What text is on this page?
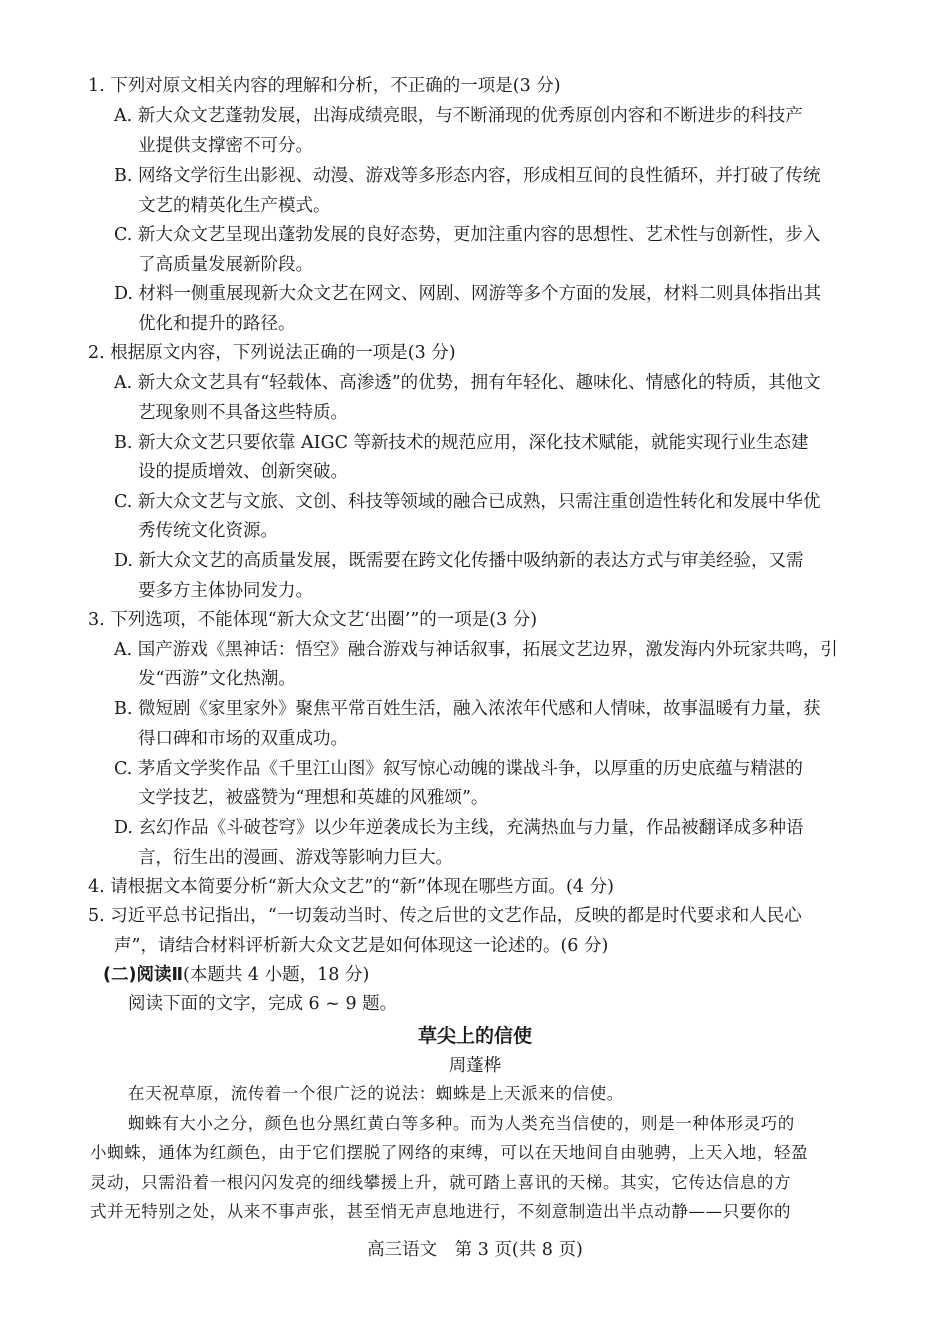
1. 下列对原文相关内容的理解和分析，不正确的一项是(3 分)
A. 新大众文艺蓬勃发展，出海成绩亮眼，与不断涌现的优秀原创内容和不断进步的科技产
业提供支撑密不可分。
B. 网络文学衍生出影视、动漫、游戏等多形态内容，形成相互间的良性循环，并打破了传统
文艺的精英化生产模式。
C. 新大众文艺呈现出蓬勃发展的良好态势，更加注重内容的思想性、艺术性与创新性，步入
了高质量发展新阶段。
D. 材料一侧重展现新大众文艺在网文、网剧、网游等多个方面的发展，材料二则具体指出其
优化和提升的路径。
2. 根据原文内容，下列说法正确的一项是(3 分)
A. 新大众文艺具有“轻载体、高渗透”的优势，拥有年轻化、趣味化、情感化的特质，其他文
艺现象则不具备这些特质。
B. 新大众文艺只要依靠 AIGC 等新技术的规范应用，深化技术赋能，就能实现行业生态建
设的提质增效、创新突破。
C. 新大众文艺与文旅、文创、科技等领域的融合已成熟，只需注重创造性转化和发展中华优
秀传统文化资源。
D. 新大众文艺的高质量发展，既需要在跨文化传播中吸纳新的表达方式与审美经验，又需
要多方主体协同发力。
3. 下列选项，不能体现“新大众文艺‘出圈’”的一项是(3 分)
A. 国产游戏《黑神话：悟空》融合游戏与神话叙事，拓展文艺边界，激发海内外玩家共鸣，引
发“西游”文化热潮。
B. 微短剧《家里家外》聚焦平常百姓生活，融入浓浓年代感和人情味，故事温暖有力量，获
得口碑和市场的双重成功。
C. 茅盾文学奖作品《千里江山图》叙写惊心动魄的谍战斗争，以厚重的历史底蕴与精湛的
文学技艺，被盛赞为“理想和英雄的风雅颂”。
D. 玄幻作品《斗破苍穹》以少年逆袭成长为主线，充满热血与力量，作品被翻译成多种语
言，衍生出的漫画、游戏等影响力巨大。
4. 请根据文本简要分析“新大众文艺”的“新”体现在哪些方面。(4 分)
5. 习近平总书记指出，“一切轰动当时、传之后世的文艺作品，反映的都是时代要求和人民心
声”，请结合材料评析新大众文艺是如何体现这一论述的。(6 分)
(二)阅读Ⅱ(本题共 4 小题，18 分)
阅读下面的文字，完成 6 ~ 9 题。
草尖上的信使
周蓬桦
在天祝草原，流传着一个很广泛的说法：蜘蛛是上天派来的信使。
蜘蛛有大小之分，颜色也分黑红黄白等多种。而为人类充当信使的，则是一种体形灵巧的
小蜘蛛，通体为红颜色，由于它们摆脱了网络的束缚，可以在天地间自由驰骋，上天入地，轻盈
灵动，只需沿着一根闪闪发亮的细线攀援上升，就可踏上喜讯的天梯。其实，它传达信息的方
式并无特别之处，从来不事声张，甚至悄无声息地进行，不刻意制造出半点动静——只要你的
高三语文　第 3 页(共 8 页)
